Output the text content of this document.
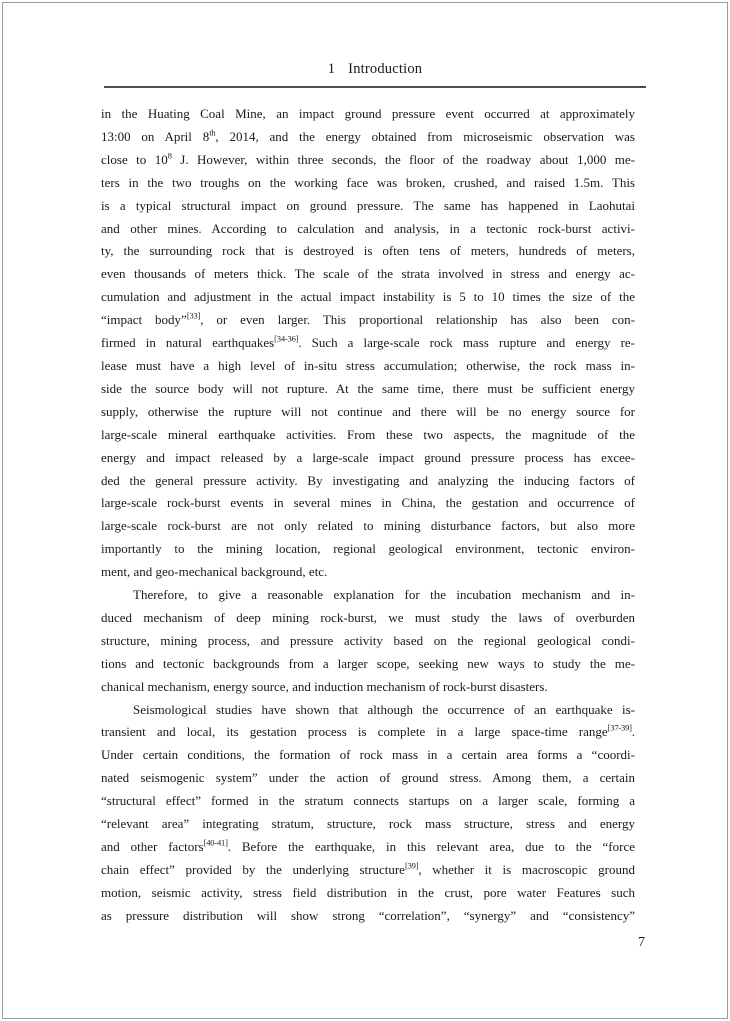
1 Introduction
in the Huating Coal Mine, an impact ground pressure event occurred at approximately
13:00 on April 8th, 2014, and the energy obtained from microseismic observation was
close to $10^8$ J. However, within three seconds, the floor of the roadway about 1,000 me-
ters in the two troughs on the working face was broken, crushed, and raised 1.5m. This
is a typical structural impact on ground pressure. The same has happened in Laohutai
and other mines. According to calculation and analysis, in a tectonic rock-burst activi-
ty, the surrounding rock that is destroyed is often tens of meters, hundreds of meters,
even thousands of meters thick. The scale of the strata involved in stress and energy ac-
cumulation and adjustment in the actual impact instability is 5 to 10 times the size of the
“impact body”[33], or even larger. This proportional relationship has also been con-
firmed in natural earthquakes[34-36]. Such a large-scale rock mass rupture and energy re-
lease must have a high level of in-situ stress accumulation; otherwise, the rock mass in-
side the source body will not rupture. At the same time, there must be sufficient energy
supply, otherwise the rupture will not continue and there will be no energy source for
large-scale mineral earthquake activities. From these two aspects, the magnitude of the
energy and impact released by a large-scale impact ground pressure process has excee-
ded the general pressure activity. By investigating and analyzing the inducing factors of
large-scale rock-burst events in several mines in China, the gestation and occurrence of
large-scale rock-burst are not only related to mining disturbance factors, but also more
importantly to the mining location, regional geological environment, tectonic environ-
ment, and geo-mechanical background, etc.
Therefore, to give a reasonable explanation for the incubation mechanism and in-
duced mechanism of deep mining rock-burst, we must study the laws of overburden
structure, mining process, and pressure activity based on the regional geological condi-
tions and tectonic backgrounds from a larger scope, seeking new ways to study the me-
chanical mechanism, energy source, and induction mechanism of rock-burst disasters.
Seismological studies have shown that although the occurrence of an earthquake is-
transient and local, its gestation process is complete in a large space-time range[37-39].
Under certain conditions, the formation of rock mass in a certain area forms a “coordi-
nated seismogenic system” under the action of ground stress. Among them, a certain
“structural effect” formed in the stratum connects startups on a larger scale, forming a
“relevant area” integrating stratum, structure, rock mass structure, stress and energy
and other factors[40-41]. Before the earthquake, in this relevant area, due to the “force
chain effect” provided by the underlying structure[39], whether it is macroscopic ground
motion, seismic activity, stress field distribution in the crust, pore water Features such
as pressure distribution will show strong “correlation”, “synergy” and “consistency”
7
